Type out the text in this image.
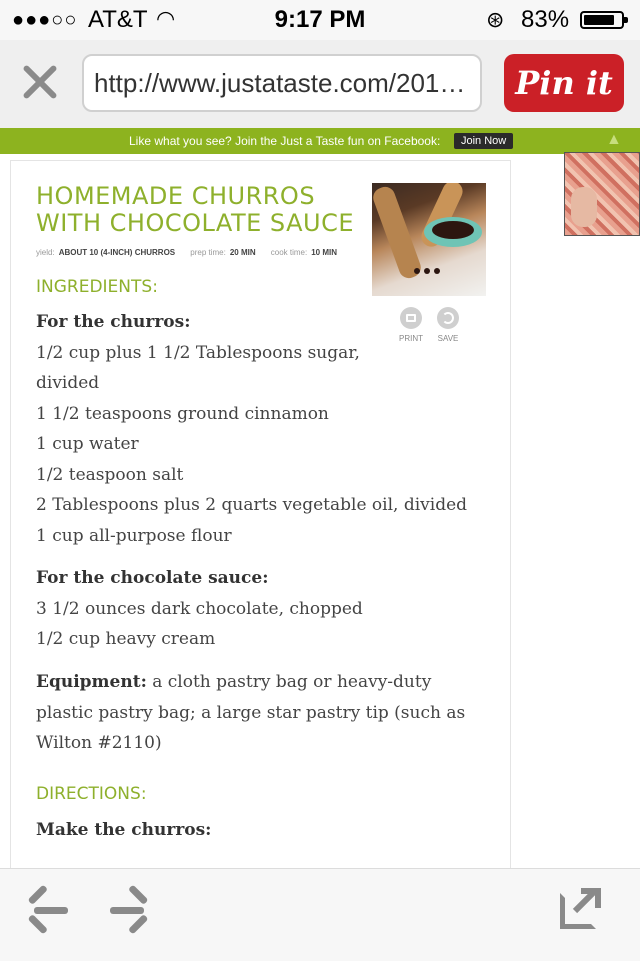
●●●○○ AT&T ◠	9:17 PM	⊛ 83%
http://www.justataste.com/201…	Pin it
Like what you see? Join the Just a Taste fun on Facebook:	Join Now	▲
HOMEMADE CHURROS WITH CHOCOLATE SAUCE
yield: ABOUT 10 (4-INCH) CHURROS prep time: 20 MIN cook time: 10 MIN
PRINT	SAVE
INGREDIENTS:
For the churros:
1/2 cup plus 1 1/2 Tablespoons sugar,
divided
1 1/2 teaspoons ground cinnamon
1 cup water
1/2 teaspoon salt
2 Tablespoons plus 2 quarts vegetable oil, divided
1 cup all-purpose flour
For the chocolate sauce:
3 1/2 ounces dark chocolate, chopped
1/2 cup heavy cream
Equipment: a cloth pastry bag or heavy-duty plastic pastry bag; a large star pastry tip (such as Wilton #2110)
DIRECTIONS:
Make the churros:
